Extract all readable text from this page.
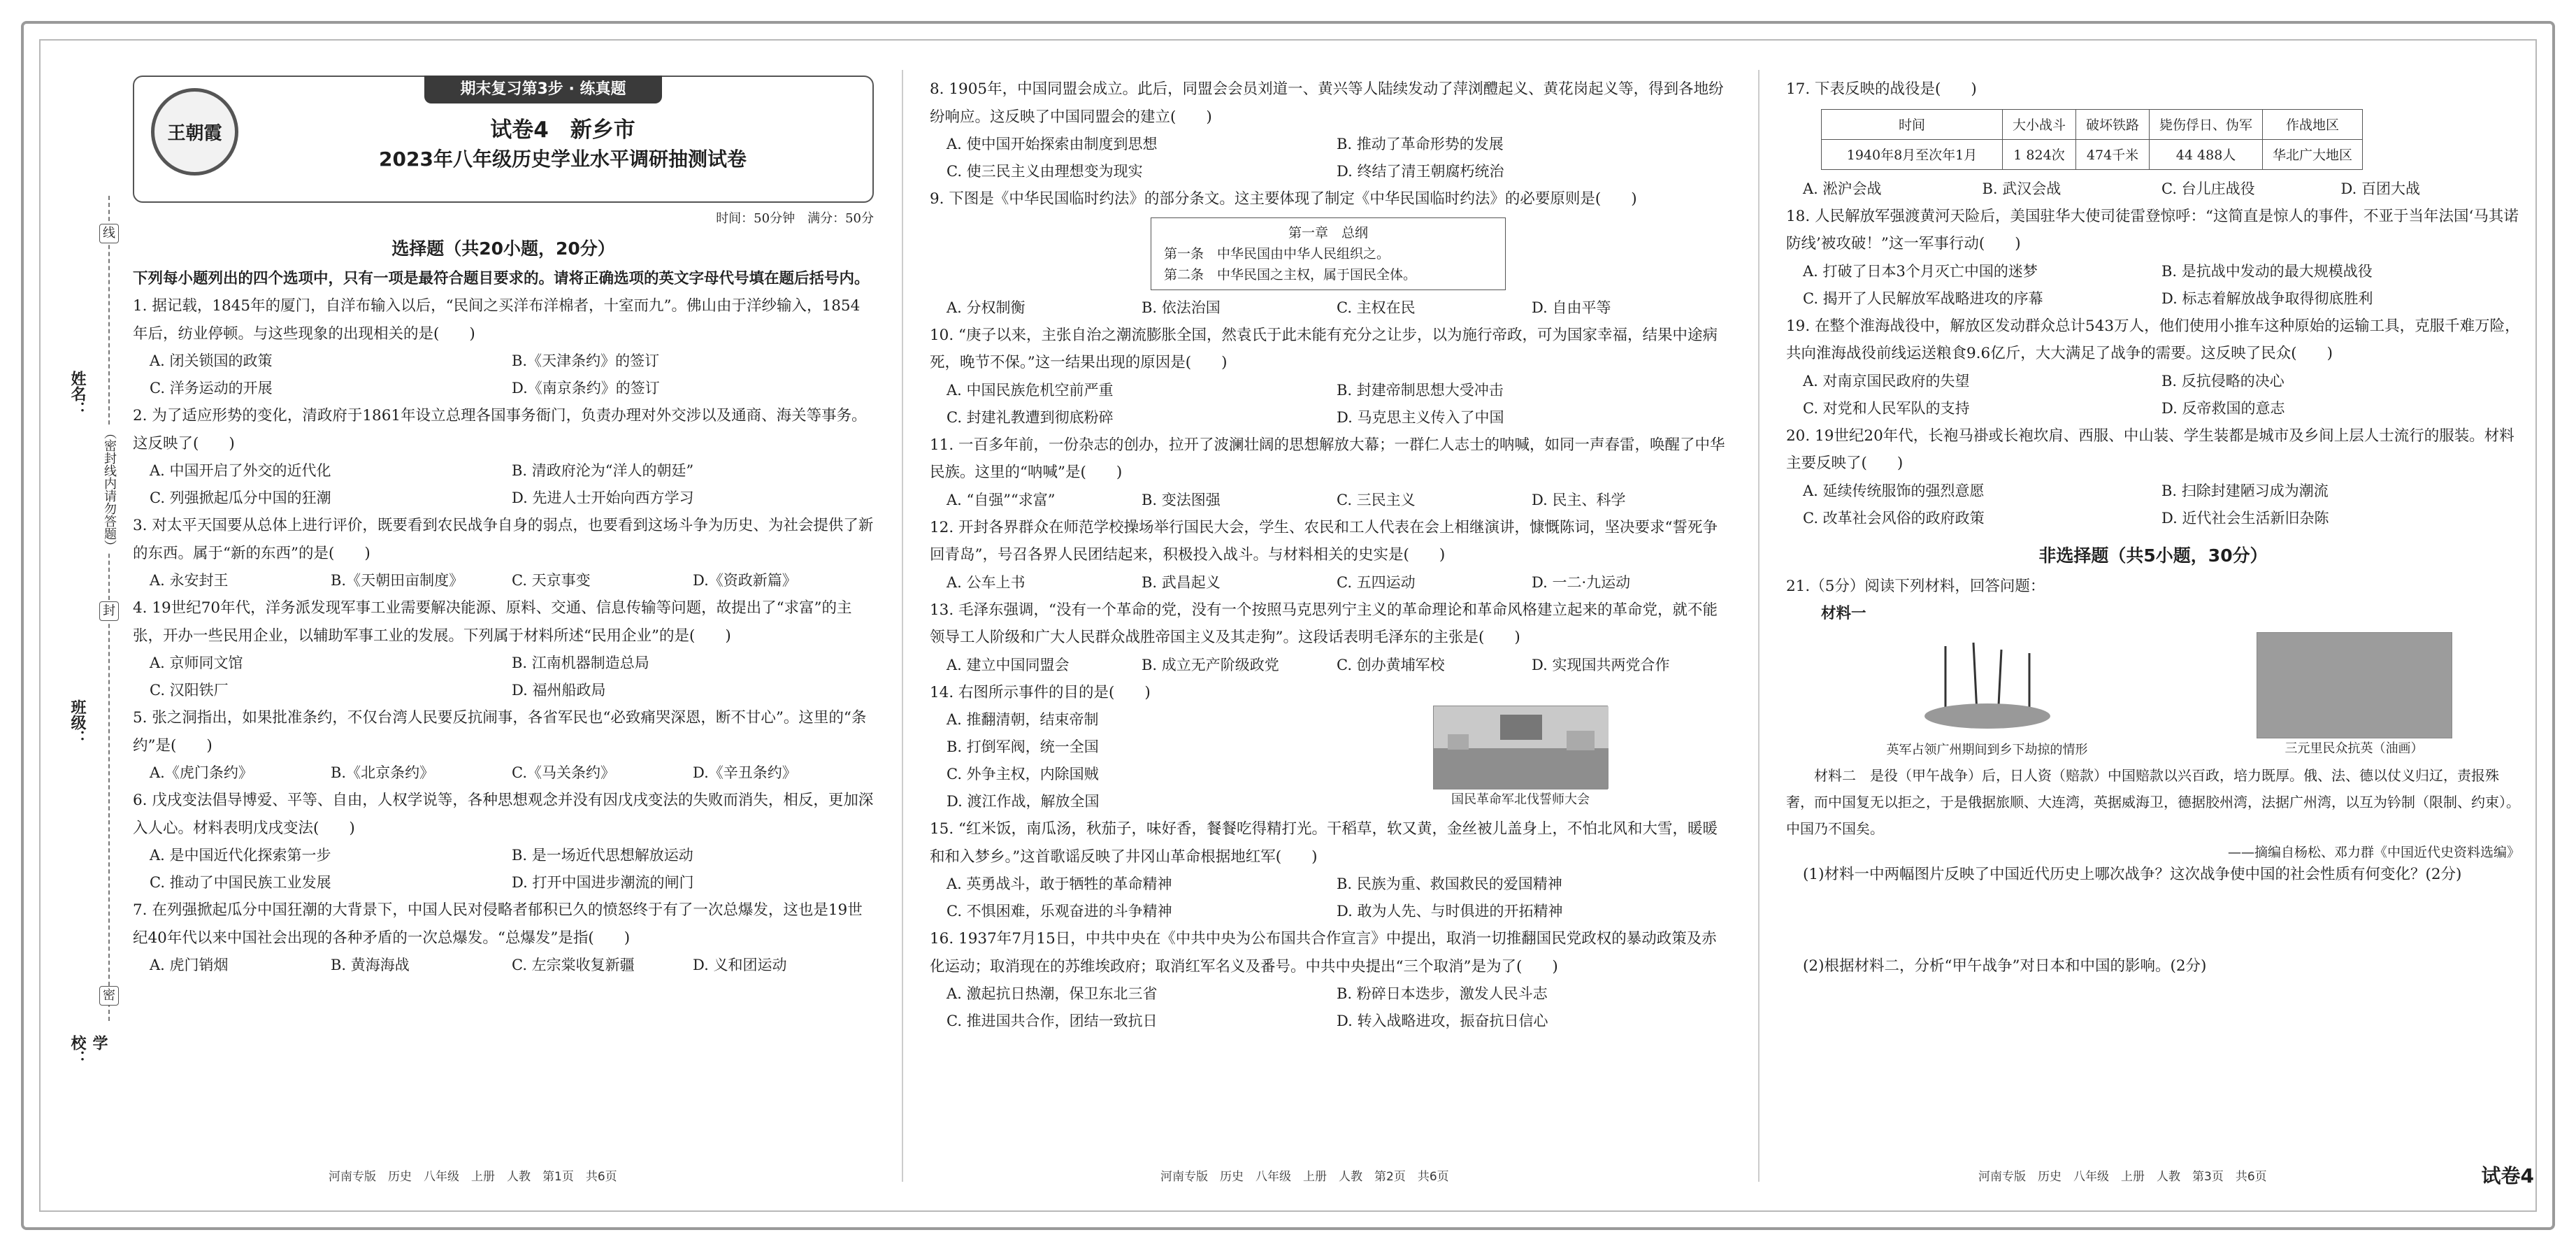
姓名：
班级：
学校：
线
（密封线内请勿答题）
封
密
王朝霞
期末复习第3步 · 练真题
试卷4　新乡市
2023年八年级历史学业水平调研抽测试卷
时间：50分钟　满分：50分
选择题（共20小题，20分）
下列每小题列出的四个选项中，只有一项是最符合题目要求的。请将正确选项的英文字母代号填在题后括号内。
1. 据记载，1845年的厦门，自洋布输入以后，“民间之买洋布洋棉者，十室而九”。佛山由于洋纱输入，1854年后，纺业停顿。与这些现象的出现相关的是(　　)
A. 闭关锁国的政策	B.《天津条约》的签订
C. 洋务运动的开展	D.《南京条约》的签订
2. 为了适应形势的变化，清政府于1861年设立总理各国事务衙门，负责办理对外交涉以及通商、海关等事务。这反映了(　　)
A. 中国开启了外交的近代化	B. 清政府沦为“洋人的朝廷”
C. 列强掀起瓜分中国的狂潮	D. 先进人士开始向西方学习
3. 对太平天国要从总体上进行评价，既要看到农民战争自身的弱点，也要看到这场斗争为历史、为社会提供了新的东西。属于“新的东西”的是(　　)
A. 永安封王	B.《天朝田亩制度》	C. 天京事变	D.《资政新篇》
4. 19世纪70年代，洋务派发现军事工业需要解决能源、原料、交通、信息传输等问题，故提出了“求富”的主张，开办一些民用企业，以辅助军事工业的发展。下列属于材料所述“民用企业”的是(　　)
A. 京师同文馆	B. 江南机器制造总局
C. 汉阳铁厂	D. 福州船政局
5. 张之洞指出，如果批准条约，不仅台湾人民要反抗闹事，各省军民也“必致痛哭深恩，断不甘心”。这里的“条约”是(　　)
A.《虎门条约》	B.《北京条约》	C.《马关条约》	D.《辛丑条约》
6. 戊戌变法倡导博爱、平等、自由，人权学说等，各种思想观念并没有因戊戌变法的失败而消失，相反，更加深入人心。材料表明戊戌变法(　　)
A. 是中国近代化探索第一步	B. 是一场近代思想解放运动
C. 推动了中国民族工业发展	D. 打开中国进步潮流的闸门
7. 在列强掀起瓜分中国狂潮的大背景下，中国人民对侵略者郁积已久的愤怒终于有了一次总爆发，这也是19世纪40年代以来中国社会出现的各种矛盾的一次总爆发。“总爆发”是指(　　)
A. 虎门销烟	B. 黄海海战	C. 左宗棠收复新疆	D. 义和团运动
8. 1905年，中国同盟会成立。此后，同盟会会员刘道一、黄兴等人陆续发动了萍浏醴起义、黄花岗起义等，得到各地纷纷响应。这反映了中国同盟会的建立(　　)
A. 使中国开始探索由制度到思想	B. 推动了革命形势的发展
C. 使三民主义由理想变为现实	D. 终结了清王朝腐朽统治
9. 下图是《中华民国临时约法》的部分条文。这主要体现了制定《中华民国临时约法》的必要原则是(　　)
第一章　总纲
第一条　中华民国由中华人民组织之。
第二条　中华民国之主权，属于国民全体。
A. 分权制衡	B. 依法治国	C. 主权在民	D. 自由平等
10. “庚子以来，主张自治之潮流膨胀全国，然袁氏于此未能有充分之让步，以为施行帝政，可为国家幸福，结果中途病死，晚节不保。”这一结果出现的原因是(　　)
A. 中国民族危机空前严重	B. 封建帝制思想大受冲击
C. 封建礼教遭到彻底粉碎	D. 马克思主义传入了中国
11. 一百多年前，一份杂志的创办，拉开了波澜壮阔的思想解放大幕；一群仁人志士的呐喊，如同一声春雷，唤醒了中华民族。这里的“呐喊”是(　　)
A. “自强”“求富”	B. 变法图强	C. 三民主义	D. 民主、科学
12. 开封各界群众在师范学校操场举行国民大会，学生、农民和工人代表在会上相继演讲，慷慨陈词，坚决要求“誓死争回青岛”，号召各界人民团结起来，积极投入战斗。与材料相关的史实是(　　)
A. 公车上书	B. 武昌起义	C. 五四运动	D. 一二·九运动
13. 毛泽东强调，“没有一个革命的党，没有一个按照马克思列宁主义的革命理论和革命风格建立起来的革命党，就不能领导工人阶级和广大人民群众战胜帝国主义及其走狗”。这段话表明毛泽东的主张是(　　)
A. 建立中国同盟会	B. 成立无产阶级政党	C. 创办黄埔军校	D. 实现国共两党合作
14. 右图所示事件的目的是(　　)
A. 推翻清朝，结束帝制
B. 打倒军阀，统一全国
C. 外争主权，内除国贼
D. 渡江作战，解放全国	国民革命军北伐誓师大会
15. “红米饭，南瓜汤，秋茄子，味好香，餐餐吃得精打光。干稻草，软又黄，金丝被儿盖身上，不怕北风和大雪，暖暖和和入梦乡。”这首歌谣反映了井冈山革命根据地红军(　　)
A. 英勇战斗，敢于牺牲的革命精神	B. 民族为重、救国救民的爱国精神
C. 不惧困难，乐观奋进的斗争精神	D. 敢为人先、与时俱进的开拓精神
16. 1937年7月15日，中共中央在《中共中央为公布国共合作宣言》中提出，取消一切推翻国民党政权的暴动政策及赤化运动；取消现在的苏维埃政府；取消红军名义及番号。中共中央提出“三个取消”是为了(　　)
A. 激起抗日热潮，保卫东北三省	B. 粉碎日本迭步，激发人民斗志
C. 推进国共合作，团结一致抗日	D. 转入战略进攻，振奋抗日信心
17. 下表反映的战役是(　　)
时间	大小战斗	破坏铁路	毙伤俘日、伪军	作战地区
1940年8月至次年1月	1 824次	474千米	44 488人	华北广大地区
A. 淞沪会战	B. 武汉会战	C. 台儿庄战役	D. 百团大战
18. 人民解放军强渡黄河天险后，美国驻华大使司徒雷登惊呼：“这简直是惊人的事件，不亚于当年法国‘马其诺防线’被攻破！”这一军事行动(　　)
A. 打破了日本3个月灭亡中国的迷梦	B. 是抗战中发动的最大规模战役
C. 揭开了人民解放军战略进攻的序幕	D. 标志着解放战争取得彻底胜利
19. 在整个淮海战役中，解放区发动群众总计543万人，他们使用小推车这种原始的运输工具，克服千难万险，共向淮海战役前线运送粮食9.6亿斤，大大满足了战争的需要。这反映了民众(　　)
A. 对南京国民政府的失望	B. 反抗侵略的决心
C. 对党和人民军队的支持	D. 反帝救国的意志
20. 19世纪20年代，长袍马褂或长袍坎肩、西服、中山装、学生装都是城市及乡间上层人士流行的服装。材料主要反映了(　　)
A. 延续传统服饰的强烈意愿	B. 扫除封建陋习成为潮流
C. 改革社会风俗的政府政策	D. 近代社会生活新旧杂陈
非选择题（共5小题，30分）
21.（5分）阅读下列材料，回答问题：
材料一
英军占领广州期间到乡下劫掠的情形	三元里民众抗英（油画）
材料二　是役（甲午战争）后，日人资（赔款）中国赔款以兴百政，培力既厚。俄、法、德以仗义归辽，责报殊奢，而中国复无以拒之，于是俄据旅顺、大连湾，英据威海卫，德据胶州湾，法据广州湾，以互为钤制（限制、约束）。中国乃不国矣。
——摘编自杨松、邓力群《中国近代史资料选编》
(1)材料一中两幅图片反映了中国近代历史上哪次战争？这次战争使中国的社会性质有何变化？(2分)
(2)根据材料二，分析“甲午战争”对日本和中国的影响。(2分)
河南专版　历史　八年级　上册　人教　第1页　共6页	河南专版　历史　八年级　上册　人教　第2页　共6页	河南专版　历史　八年级　上册　人教　第3页　共6页	试卷4
